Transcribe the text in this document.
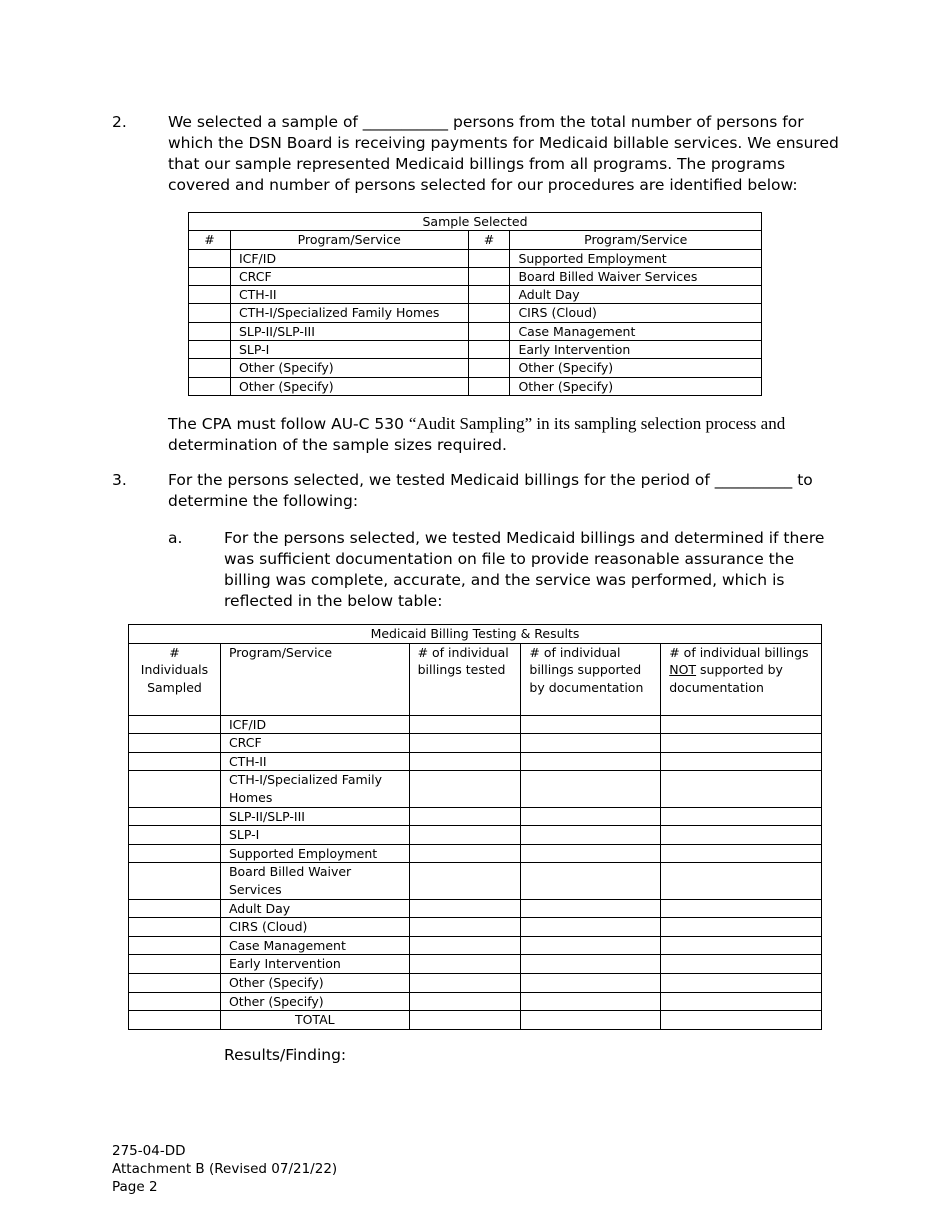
2.	We selected a sample of ___________ persons from the total number of persons for which the DSN Board is receiving payments for Medicaid billable services. We ensured that our sample represented Medicaid billings from all programs. The programs covered and number of persons selected for our procedures are identified below:
Sample Selected			
#	Program/Service	#	Program/Service
	ICF/ID		Supported Employment
	CRCF		Board Billed Waiver Services
	CTH-II		Adult Day
	CTH-I/Specialized Family Homes		CIRS (Cloud)
	SLP-II/SLP-III		Case Management
	SLP-I		Early Intervention
	Other (Specify)		Other (Specify)
	Other (Specify)		Other (Specify)
The CPA must follow AU-C 530 “Audit Sampling” in its sampling selection process and
determination of the sample sizes required.
3.	For the persons selected, we tested Medicaid billings for the period of __________ to determine the following:
a.	For the persons selected, we tested Medicaid billings and determined if there was sufficient documentation on file to provide reasonable assurance the billing was complete, accurate, and the service was performed, which is reflected in the below table:
Medicaid Billing Testing & Results				
# Individuals Sampled	Program/Service	# of individual billings tested	# of individual billings supported by documentation	# of individual billings NOT supported by documentation
	ICF/ID			
	CRCF			
	CTH-II			
	CTH-I/Specialized Family Homes			
	SLP-II/SLP-III			
	SLP-I			
	Supported Employment			
	Board Billed Waiver Services			
	Adult Day			
	CIRS (Cloud)			
	Case Management			
	Early Intervention			
	Other (Specify)			
	Other (Specify)			
	TOTAL			
Results/Finding:
275-04-DD
Attachment B (Revised 07/21/22)
Page 2
